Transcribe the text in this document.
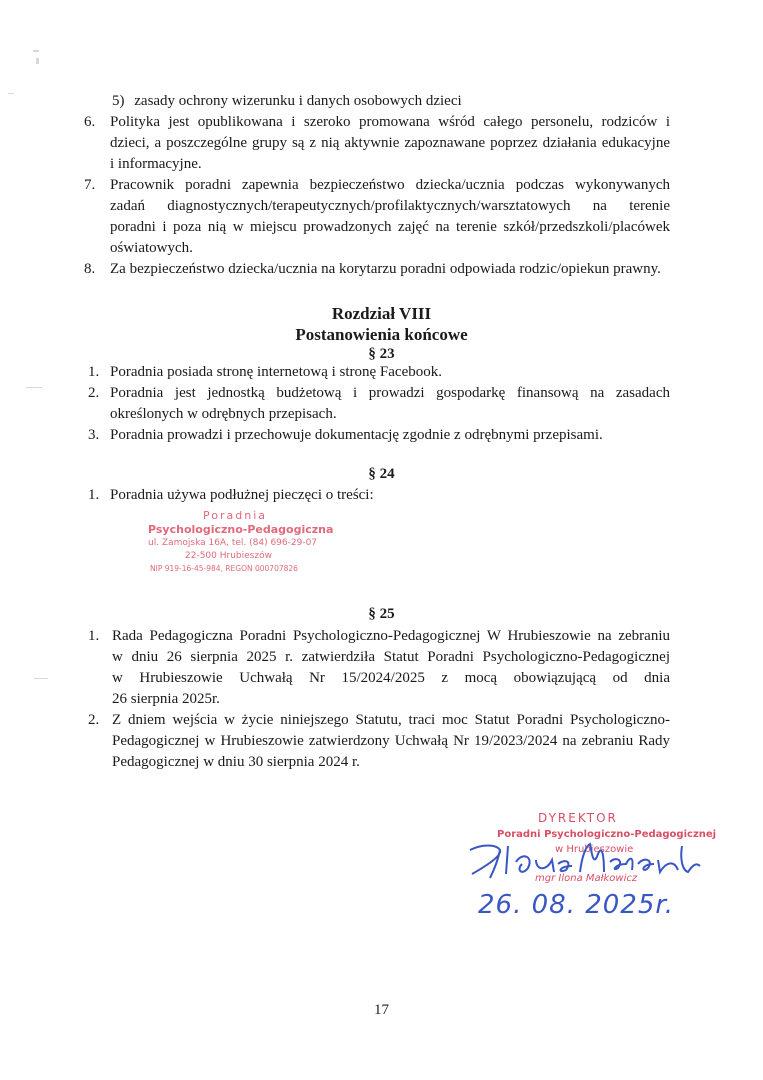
5) zasady ochrony wizerunku i danych osobowych dzieci
6. Polityka jest opublikowana i szeroko promowana wśród całego personelu, rodziców i
dzieci, a poszczególne grupy są z nią aktywnie zapoznawane poprzez działania edukacyjne
i informacyjne.
7. Pracownik poradni zapewnia bezpieczeństwo dziecka/ucznia podczas wykonywanych
zadań diagnostycznych/terapeutycznych/profilaktycznych/warsztatowych na terenie
poradni i poza nią w miejscu prowadzonych zajęć na terenie szkół/przedszkoli/placówek
oświatowych.
8. Za bezpieczeństwo dziecka/ucznia na korytarzu poradni odpowiada rodzic/opiekun prawny.
Rozdział VIII
Postanowienia końcowe
§ 23
1. Poradnia posiada stronę internetową i stronę Facebook.
2. Poradnia jest jednostką budżetową i prowadzi gospodarkę finansową na zasadach
określonych w odrębnych przepisach.
3. Poradnia prowadzi i przechowuje dokumentację zgodnie z odrębnymi przepisami.
§ 24
1. Poradnia używa podłużnej pieczęci o treści:
Poradnia
Psychologiczno-Pedagogiczna
ul. Zamojska 16A, tel. (84) 696-29-07
22-500 Hrubieszów
NIP 919-16-45-984, REGON 000707826
§ 25
1. Rada Pedagogiczna Poradni Psychologiczno-Pedagogicznej W Hrubieszowie na zebraniu
w dniu 26 sierpnia 2025 r. zatwierdziła Statut Poradni Psychologiczno-Pedagogicznej
w Hrubieszowie Uchwałą Nr 15/2024/2025 z mocą obowiązującą od dnia
26 sierpnia 2025r.
2. Z dniem wejścia w życie niniejszego Statutu, traci moc Statut Poradni Psychologiczno-
Pedagogicznej w Hrubieszowie zatwierdzony Uchwałą Nr 19/2023/2024 na zebraniu Rady
Pedagogicznej w dniu 30 sierpnia 2024 r.
DYREKTOR
Poradni Psychologiczno-Pedagogicznej
w Hrubieszowie
mgr Ilona Małkowicz
26. 08. 2025r.
17
